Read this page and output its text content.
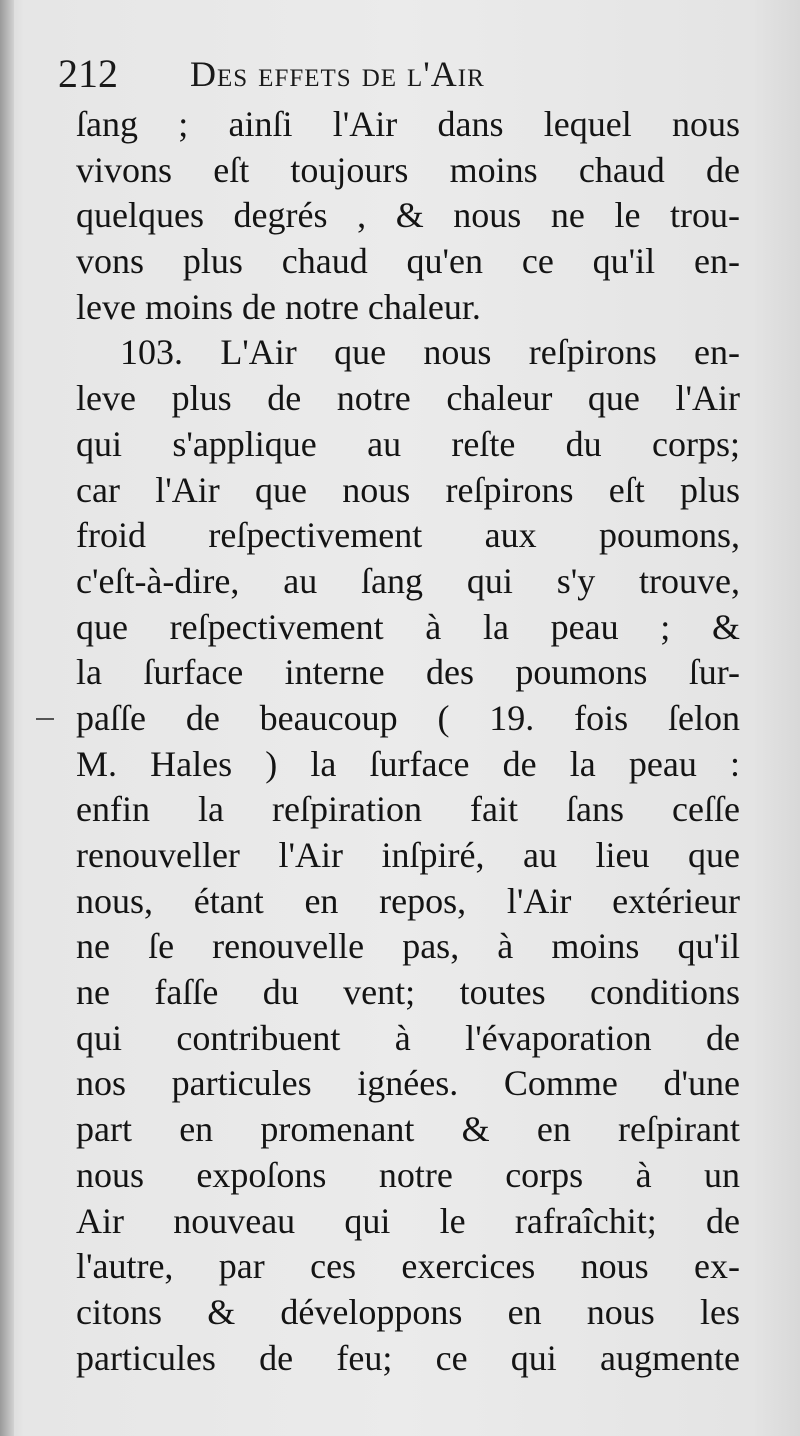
212 Des effets de l'Air
ſang ; ainſi l'Air dans lequel nous
vivons eſt toujours moins chaud de
quelques degrés , & nous ne le trou-
vons plus chaud qu'en ce qu'il en-
leve moins de notre chaleur.
103. L'Air que nous reſpirons en-
leve plus de notre chaleur que l'Air
qui s'applique au reſte du corps;
car l'Air que nous reſpirons eſt plus
froid reſpectivement aux poumons,
c'eſt-à-dire, au ſang qui s'y trouve,
que reſpectivement à la peau ; &
la ſurface interne des poumons ſur-
paſſe de beaucoup ( 19. fois ſelon
M. Hales ) la ſurface de la peau :
enfin la reſpiration fait ſans ceſſe
renouveller l'Air inſpiré, au lieu que
nous, étant en repos, l'Air extérieur
ne ſe renouvelle pas, à moins qu'il
ne faſſe du vent; toutes conditions
qui contribuent à l'évaporation de
nos particules ignées. Comme d'une
part en promenant & en reſpirant
nous expoſons notre corps à un
Air nouveau qui le rafraîchit; de
l'autre, par ces exercices nous ex-
citons & développons en nous les
particules de feu; ce qui augmente
